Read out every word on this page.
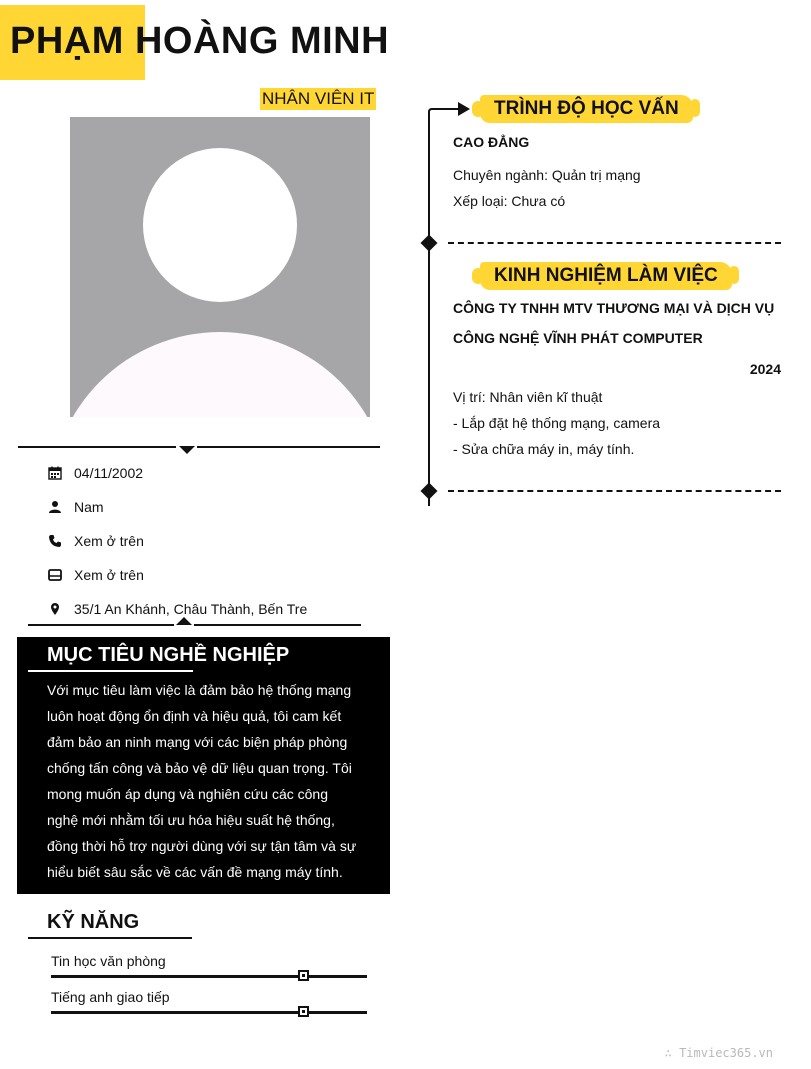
PHẠM HOÀNG MINH
NHÂN VIÊN IT
04/11/2002
Nam
Xem ở trên
Xem ở trên
35/1 An Khánh, Châu Thành, Bến Tre
MỤC TIÊU NGHỀ NGHIỆP
Với mục tiêu làm việc là đảm bảo hệ thống mạng
luôn hoạt động ổn định và hiệu quả, tôi cam kết
đảm bảo an ninh mạng với các biện pháp phòng
chống tấn công và bảo vệ dữ liệu quan trọng. Tôi
mong muốn áp dụng và nghiên cứu các công
nghệ mới nhằm tối ưu hóa hiệu suất hệ thống,
đồng thời hỗ trợ người dùng với sự tận tâm và sự
hiểu biết sâu sắc về các vấn đề mạng máy tính.
KỸ NĂNG
Tin học văn phòng
Tiếng anh giao tiếp
TRÌNH ĐỘ HỌC VẤN
CAO ĐẲNG
Chuyên ngành: Quản trị mạng
Xếp loại: Chưa có
KINH NGHIỆM LÀM VIỆC
CÔNG TY TNHH MTV THƯƠNG MẠI VÀ DỊCH VỤ
CÔNG NGHỆ VĨNH PHÁT COMPUTER
2024
Vị trí: Nhân viên kĩ thuật
- Lắp đặt hệ thống mạng, camera
- Sửa chữa máy in, máy tính.
∴ Timviec365.vn
